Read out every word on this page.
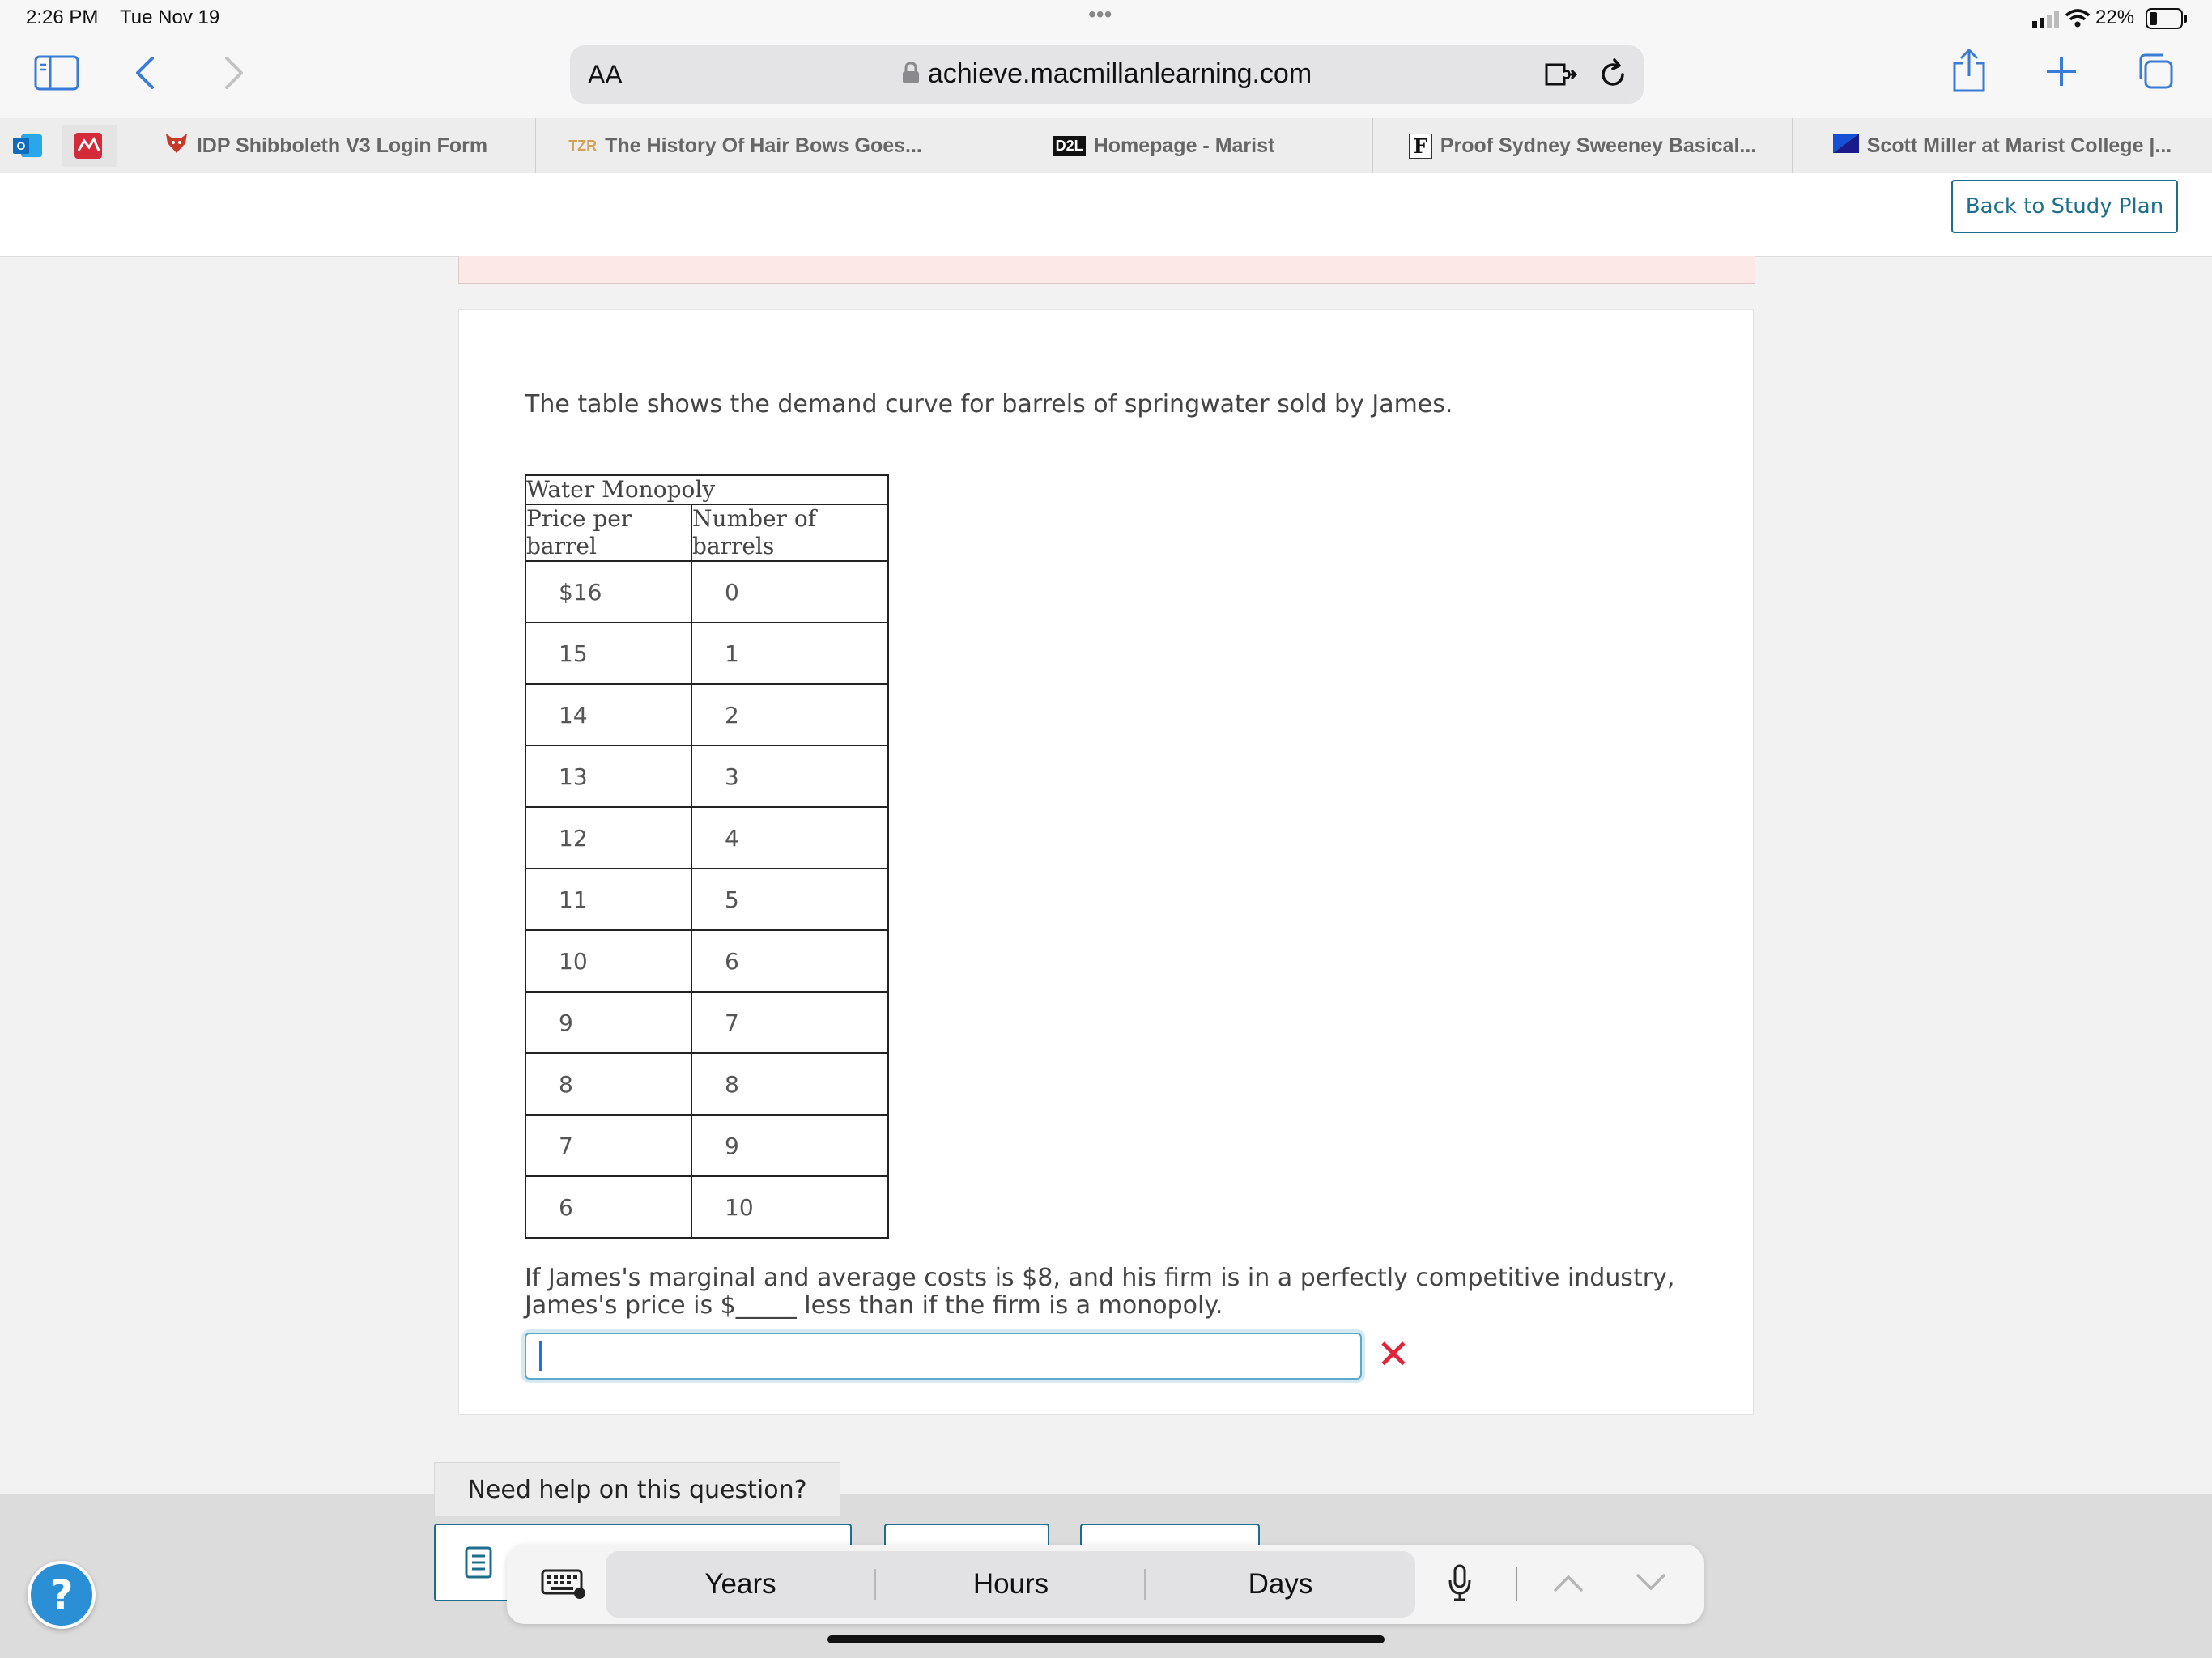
2:26 PM Tue Nov 19	•••	22%
AA	achieve.macmillanlearning.com
O	IDP Shibboleth V3 Login Form	TZR The History Of Hair Bows Goes...	D2L Homepage - Marist	F Proof Sydney Sweeney Basical...	Scott Miller at Marist College |...
Back to Study Plan
The table shows the demand curve for barrels of springwater sold by James.
Water Monopoly	
Price per barrel	Number of barrels
$16	0
15	1
14	2
13	3
12	4
11	5
10	6
9	7
8	8
7	9
6	10
If James's marginal and average costs is $8, and his firm is in a perfectly competitive industry,
James's price is $_____ less than if the firm is a monopoly.
✕
Need help on this question?
Years	Hours	Days
?
